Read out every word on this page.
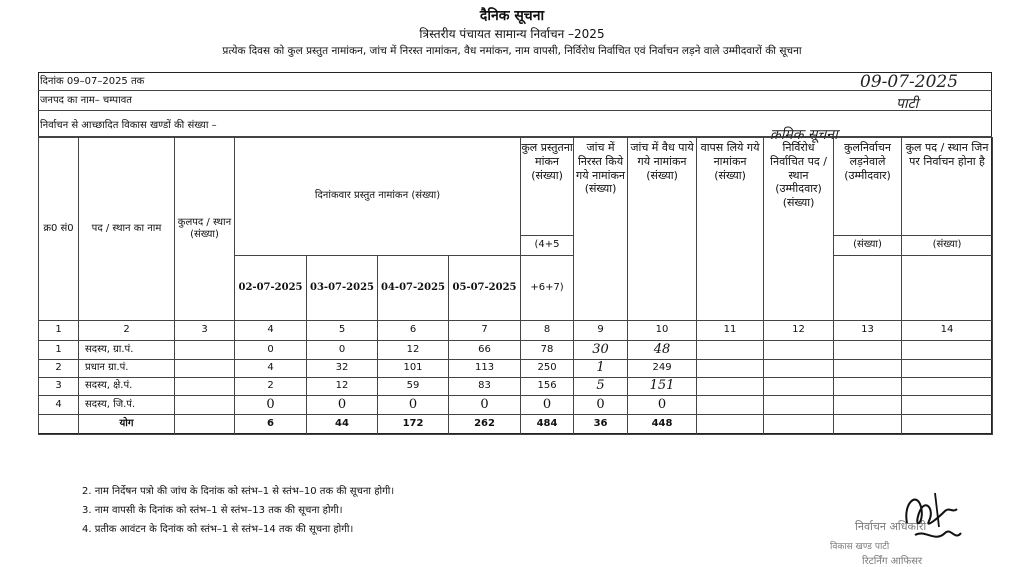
दैनिक सूचना
त्रिस्तरीय पंचायत सामान्य निर्वाचन –2025
प्रत्येक दिवस को कुल प्रस्तुत नामांकन, जांच में निरस्त नामांकन, वैध नमांकन, नाम वापसी, निर्विरोध निर्वाचित एवं निर्वाचन लड़ने वाले उम्मीदवारों की सूचना
दिनांक 09–07–2025 तक
जनपद का नाम– चम्पावत
निर्वाचन से आच्छादित विकास खण्डों की संख्या –
09-07-2025
पाटी
क्रमिक सूचना
क्र0 सं0	पद / स्थान का नाम	कुलपद / स्थान (संख्या)	दिनांकवार प्रस्तुत नामांकन (संख्या)				कुल प्रस्तुतना मांकन (संख्या)	जांच में निरस्त किये गये नामांकन (संख्या)	जांच में वैध पाये गये नामांकन (संख्या)	वापस लिये गये नामांकन (संख्या)	निर्विरोध निर्वाचित पद / स्थान (उम्मीदवार) (संख्या)	कुलनिर्वाचन लड़नेवाले (उम्मीदवार)	कुल पद / स्थान जिन पर निर्वाचन होना है
							(4+5					(संख्या)	(संख्या)
			02-07-2025	03-07-2025	04-07-2025	05-07-2025	+6+7)						
1	2	3	4	5	6	7	8	9	10	11	12	13	14
1	सदस्य, ग्रा.पं.		0	0	12	66	78	30	48				
2	प्रधान ग्रा.पं.		4	32	101	113	250	1	249				
3	सदस्य, क्षे.पं.		2	12	59	83	156	5	151				
4	सदस्य, जि.पं.		0	0	0	0	0	0	0				
	योग		6	44	172	262	484	36	448				
2. नाम निर्देषन पत्रो की जांच के दिनांक को स्तंभ–1 से स्तंभ–10 तक की सूचना होगी।
3. नाम वापसी के दिनांक को स्तंभ–1 से स्तंभ–13 तक की सूचना होगी।
4. प्रतीक आवंटन के दिनांक को स्तंभ–1 से स्तंभ–14 तक की सूचना होगी।	निर्वाचन अधिकारी
विकास खण्ड पाटी
रिटर्निंग आफिसर
